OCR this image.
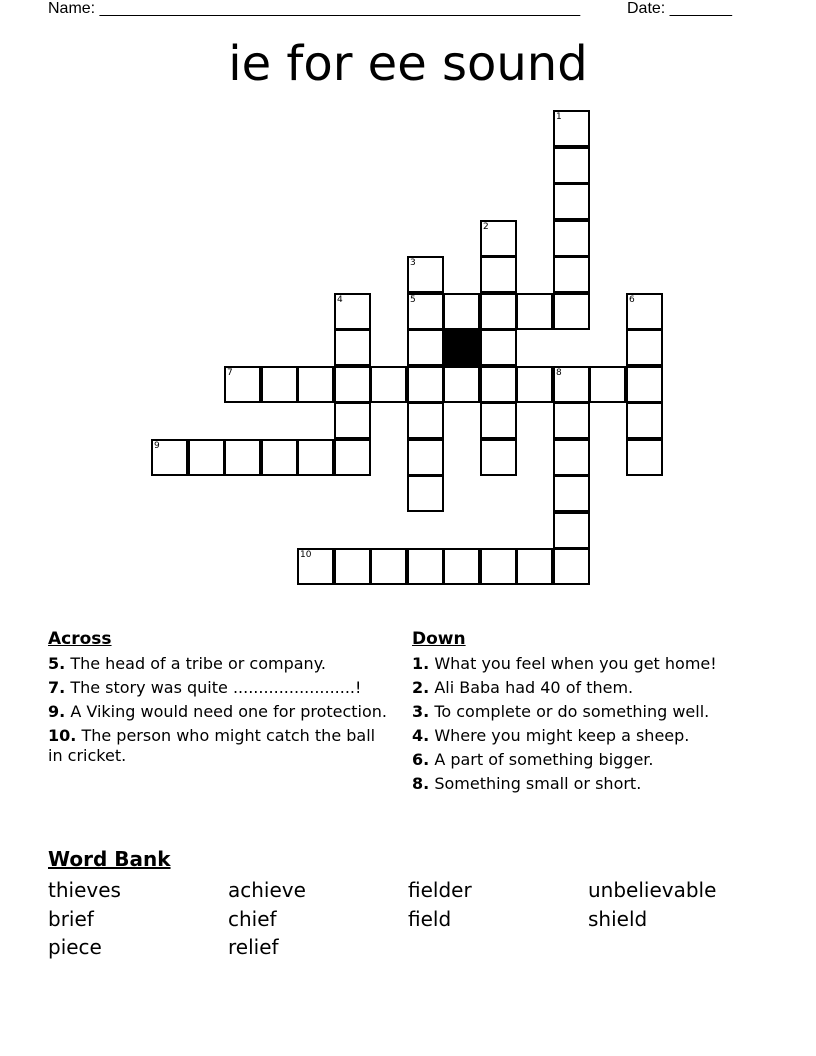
Name: ______________________________________________________	Date: _______
ie for ee sound
1
2
3
5
4	6
7	8
9
10
Across
5. The head of a tribe or company.
7. The story was quite ........................!
9. A Viking would need one for protection.
10. The person who might catch the ball in cricket.
Down
1. What you feel when you get home!
2. Ali Baba had 40 of them.
3. To complete or do something well.
4. Where you might keep a sheep.
6. A part of something bigger.
8. Something small or short.
Word Bank
thieves	achieve	fielder	unbelievable
brief	chief	field	shield
piece	relief
